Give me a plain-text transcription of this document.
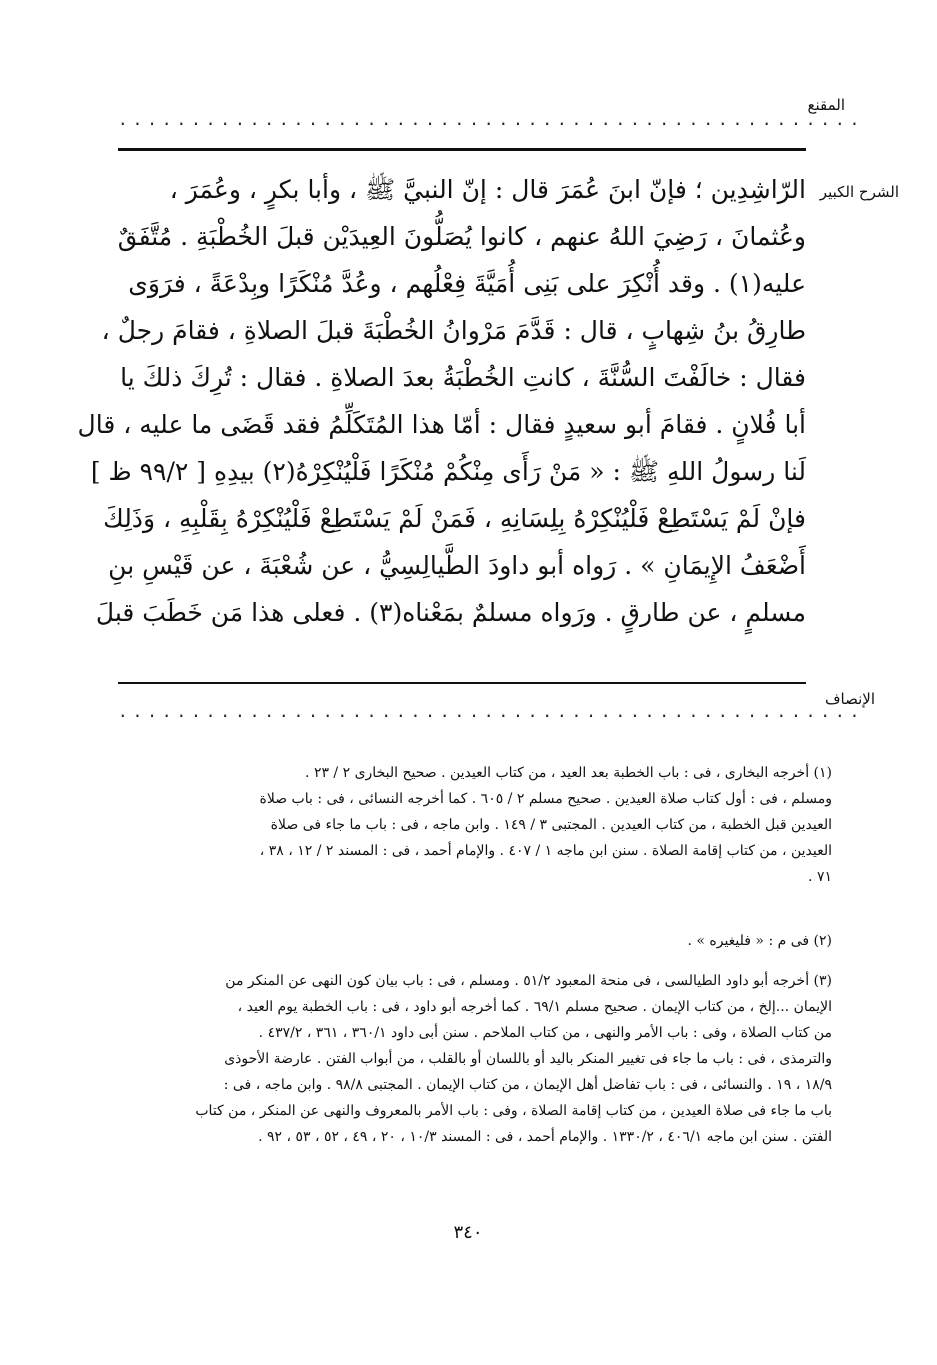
المقنع
...................................................
الشرح الكبير
الرّاشِدِين ؛ فإنّ ابنَ عُمَرَ قال : إنّ النبيَّ ﷺ ، وأبا بكرٍ ، وعُمَرَ ،
وعُثمانَ ، رَضِيَ اللهُ عنهم ، كانوا يُصَلُّونَ العِيدَيْن قبلَ الخُطْبَةِ . مُتَّفَقٌ
عليه(١) . وقد أُنْكِرَ على بَنِى أُمَيَّةَ فِعْلُهم ، وعُدَّ مُنْكَرًا وبِدْعَةً ، فرَوَى
طارِقُ بنُ شِهابٍ ، قال : قَدَّمَ مَرْوانُ الخُطْبَةَ قبلَ الصلاةِ ، فقامَ رجلٌ ،
فقال : خالَفْتَ السُّنَّةَ ، كانتِ الخُطْبَةُ بعدَ الصلاةِ . فقال : تُرِكَ ذلكَ يا
أبا فُلانٍ . فقامَ أبو سعيدٍ فقال : أمّا هذا المُتَكَلِّمُ فقد قَضَى ما عليه ، قال
لَنا رسولُ اللهِ ﷺ : « مَنْ رَأَى مِنْكُمْ مُنْكَرًا فَلْيُنْكِرْهُ(٢) بيدِهِ [ ٩٩/٢ ظ ]
فإنْ لَمْ يَسْتَطِعْ فَلْيُنْكِرْهُ بِلِسَانِهِ ، فَمَنْ لَمْ يَسْتَطِعْ فَلْيُنْكِرْهُ بِقَلْبِهِ ، وَذَلِكَ
أَضْعَفُ الإِيمَانِ » . رَواه أبو داودَ الطَّيالِسِيُّ ، عن شُعْبَةَ ، عن قَيْسِ بنِ
مسلمٍ ، عن طارقٍ . ورَواه مسلمٌ بمَعْناه(٣) . فعلى هذا مَن خَطَبَ قبلَ
الإنصاف
...................................................
(١) أخرجه البخارى ، فى : باب الخطبة بعد العيد ، من كتاب العيدين . صحيح البخارى ٢ / ٢٣ .
ومسلم ، فى : أول كتاب صلاة العيدين . صحيح مسلم ٢ / ٦٠٥ . كما أخرجه النسائى ، فى : باب صلاة
العيدين قبل الخطبة ، من كتاب العيدين . المجتبى ٣ / ١٤٩ . وابن ماجه ، فى : باب ما جاء فى صلاة
العيدين ، من كتاب إقامة الصلاة . سنن ابن ماجه ١ / ٤٠٧ . والإمام أحمد ، فى : المسند ٢ / ١٢ ، ٣٨ ،
٧١ .
(٢) فى م : « فليغيره » .
(٣) أخرجه أبو داود الطيالسى ، فى منحة المعبود ٥١/٢ . ومسلم ، فى : باب بيان كون النهى عن المنكر من
الإيمان ...إلخ ، من كتاب الإيمان . صحيح مسلم ٦٩/١ . كما أخرجه أبو داود ، فى : باب الخطبة يوم العيد ،
من كتاب الصلاة ، وفى : باب الأمر والنهى ، من كتاب الملاحم . سنن أبى داود ٣٦٠/١ ، ٣٦١ ، ٤٣٧/٢ .
والترمذى ، فى : باب ما جاء فى تغيير المنكر باليد أو باللسان أو بالقلب ، من أبواب الفتن . عارضة الأحوذى
١٨/٩ ، ١٩ . والنسائى ، فى : باب تفاضل أهل الإيمان ، من كتاب الإيمان . المجتبى ٩٨/٨ . وابن ماجه ، فى :
باب ما جاء فى صلاة العيدين ، من كتاب إقامة الصلاة ، وفى : باب الأمر بالمعروف والنهى عن المنكر ، من كتاب
الفتن . سنن ابن ماجه ٤٠٦/١ ، ١٣٣٠/٢ . والإمام أحمد ، فى : المسند ١٠/٣ ، ٢٠ ، ٤٩ ، ٥٢ ، ٥٣ ، ٩٢ .
٣٤٠
